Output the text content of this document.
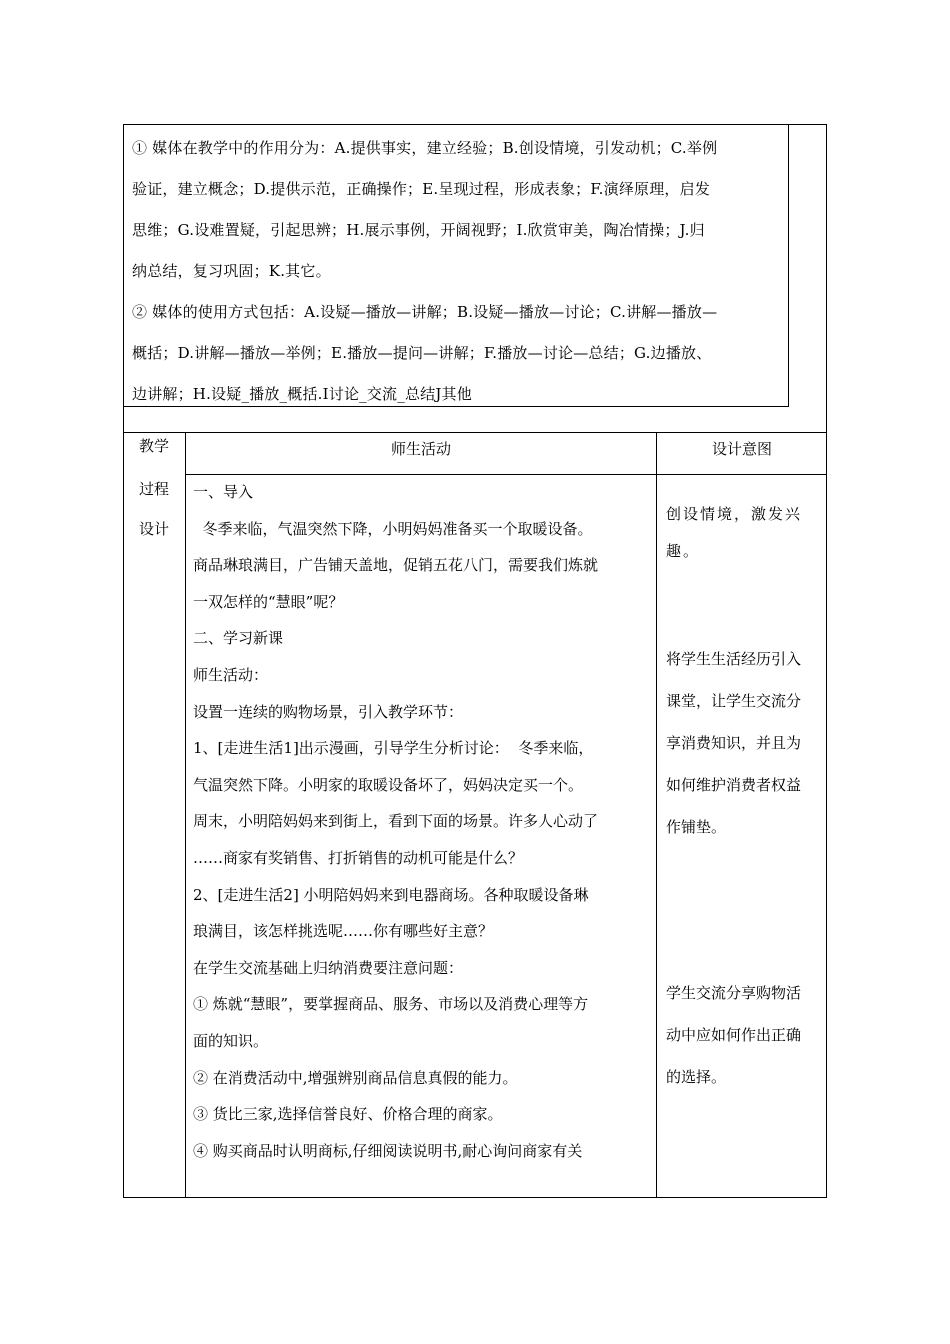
① 媒体在教学中的作用分为：A.提供事实，建立经验；B.创设情境，引发动机；C.举例

验证，建立概念；D.提供示范，正确操作；E.呈现过程，形成表象；F.演绎原理，启发

思维；G.设难置疑，引起思辨；H.展示事例，开阔视野；I.欣赏审美，陶冶情操；J.归

纳总结，复习巩固；K.其它。

② 媒体的使用方式包括：A.设疑—播放—讲解；B.设疑—播放—讨论；C.讲解—播放—

概括；D.讲解—播放—举例；E.播放—提问—讲解；F.播放—讨论—总结；G.边播放、

边讲解；H.设疑_播放_概括.I讨论_交流_总结J其他

教学
过程
设计
师生活动	设计意图

一、导入

冬季来临，气温突然下降，小明妈妈准备买一个取暖设备。

商品琳琅满目，广告铺天盖地，促销五花八门，需要我们炼就

一双怎样的“慧眼”呢？

二、学习新课

师生活动：

设置一连续的购物场景，引入教学环节：

1、[走进生活1]出示漫画，引导学生分析讨论：  冬季来临，

气温突然下降。小明家的取暖设备坏了，妈妈决定买一个。

周末，小明陪妈妈来到街上，看到下面的场景。许多人心动了

……商家有奖销售、打折销售的动机可能是什么？

2、[走进生活2] 小明陪妈妈来到电器商场。各种取暖设备琳

琅满目，该怎样挑选呢……你有哪些好主意？

在学生交流基础上归纳消费要注意问题：

① 炼就“慧眼”，要掌握商品、服务、市场以及消费心理等方

面的知识。

② 在消费活动中,增强辨别商品信息真假的能力。

③ 货比三家,选择信誉良好、价格合理的商家。

④ 购买商品时认明商标,仔细阅读说明书,耐心询问商家有关

创设情境，激发兴

趣。

将学生生活经历引入

课堂，让学生交流分

享消费知识，并且为

如何维护消费者权益

作铺垫。

学生交流分享购物活

动中应如何作出正确

的选择。
